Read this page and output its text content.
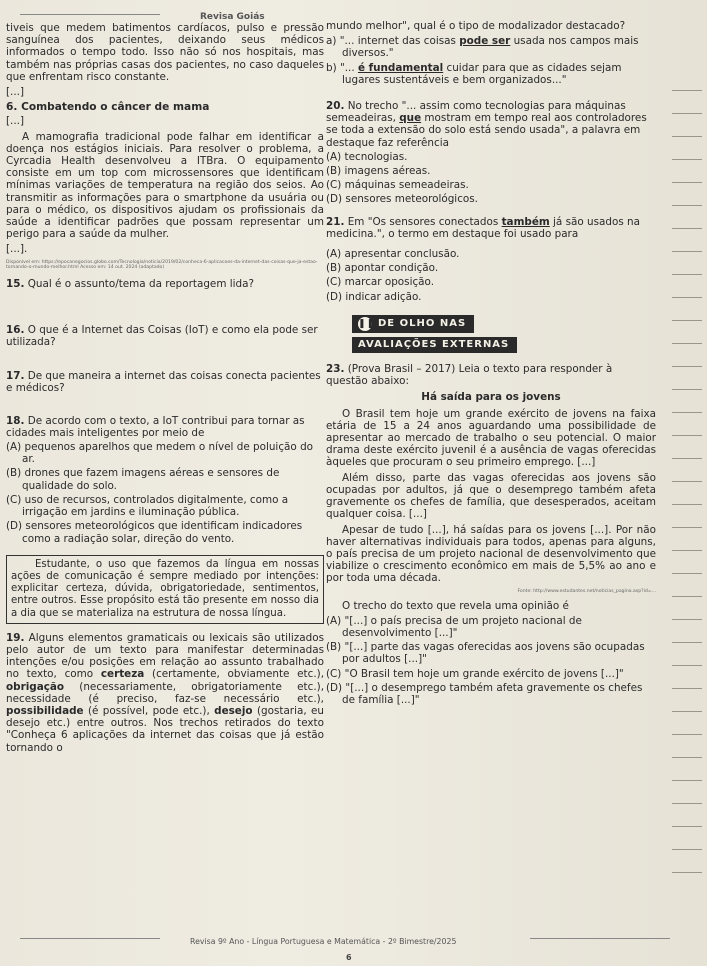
Revisa Goiás
tiveis que medem batimentos cardíacos, pulso e pressão sanguínea dos pacientes, deixando seus médicos informados o tempo todo. Isso não só nos hospitais, mas também nas próprias casas dos pacientes, no caso daqueles que enfrentam risco constante.
[...]
6. Combatendo o câncer de mama
[...]
A mamografia tradicional pode falhar em identificar a doença nos estágios iniciais. Para resolver o problema, a Cyrcadia Health desenvolveu a ITBra. O equipamento consiste em um top com microssensores que identificam mínimas variações de temperatura na região dos seios. Ao transmitir as informações para o smartphone da usuária ou para o médico, os dispositivos ajudam os profissionais da saúde a identificar padrões que possam representar um perigo para a saúde da mulher.
[...].
Disponível em: https://epocanegocios.globo.com/Tecnologia/noticia/2019/02/conheca-6-aplicacoes-da-internet-das-coisas-que-ja-estao-tornando-o-mundo-melhor.html Acesso em: 14 out. 2024 (adaptado)
15. Qual é o assunto/tema da reportagem lida?
16. O que é a Internet das Coisas (IoT) e como ela pode ser utilizada?
17. De que maneira a internet das coisas conecta pacientes e médicos?
18. De acordo com o texto, a IoT contribui para tornar as cidades mais inteligentes por meio de
(A) pequenos aparelhos que medem o nível de poluição do ar.
(B) drones que fazem imagens aéreas e sensores de qualidade do solo.
(C) uso de recursos, controlados digitalmente, como a irrigação em jardins e iluminação pública.
(D) sensores meteorológicos que identificam indicadores como a radiação solar, direção do vento.

Estudante, o uso que fazemos da língua em nossas ações de comunicação é sempre mediado por intenções: explicitar certeza, dúvida, obrigatoriedade, sentimentos, entre outros. Esse propósito está tão presente em nosso dia a dia que se materializa na estrutura de nossa língua.

19. Alguns elementos gramaticais ou lexicais são utilizados pelo autor de um texto para manifestar determinadas intenções e/ou posições em relação ao assunto trabalhado no texto, como certeza (certamente, obviamente etc.), obrigação (necessariamente, obrigatoriamente etc.), necessidade (é preciso, faz-se necessário etc.), possibilidade (é possível, pode etc.), desejo (gostaria, eu desejo etc.) entre outros. Nos trechos retirados do texto "Conheça 6 aplicações da internet das coisas que já estão tornando o
mundo melhor", qual é o tipo de modalizador destacado?
a) "... internet das coisas pode ser usada nos campos mais diversos."
b) "... é fundamental cuidar para que as cidades sejam lugares sustentáveis e bem organizados..."
20. No trecho "... assim como tecnologias para máquinas semeadeiras, que mostram em tempo real aos controladores se toda a extensão do solo está sendo usada", a palavra em destaque faz referência
(A) tecnologias.
(B) imagens aéreas.
(C) máquinas semeadeiras.
(D) sensores meteorológicos.
21. Em "Os sensores conectados também já são usados na medicina.", o termo em destaque foi usado para
(A) apresentar conclusão.
(B) apontar condição.
(C) marcar oposição.
(D) indicar adição.
❚❚ DE OLHO NAS
AVALIAÇÕES EXTERNAS
23. (Prova Brasil – 2017) Leia o texto para responder à questão abaixo:
Há saída para os jovens
O Brasil tem hoje um grande exército de jovens na faixa etária de 15 a 24 anos aguardando uma possibilidade de apresentar ao mercado de trabalho o seu potencial. O maior drama deste exército juvenil é a ausência de vagas oferecidas àqueles que procuram o seu primeiro emprego. [...]
Além disso, parte das vagas oferecidas aos jovens são ocupadas por adultos, já que o desemprego também afeta gravemente os chefes de família, que desesperados, aceitam qualquer coisa. [...]
Apesar de tudo [...], há saídas para os jovens [...]. Por não haver alternativas individuais para todos, apenas para alguns, o país precisa de um projeto nacional de desenvolvimento que viabilize o crescimento econômico em mais de 5,5% ao ano e por toda uma década.
Fonte: http://www.estudantes.net/noticias_pagina.asp?id=...
O trecho do texto que revela uma opinião é
(A) "[...] o país precisa de um projeto nacional de desenvolvimento [...]"
(B) "[...] parte das vagas oferecidas aos jovens são ocupadas por adultos [...]"
(C) "O Brasil tem hoje um grande exército de jovens [...]"
(D) "[...] o desemprego também afeta gravemente os chefes de família [...]"
Revisa 9º Ano - Língua Portuguesa e Matemática - 2º Bimestre/2025
6
